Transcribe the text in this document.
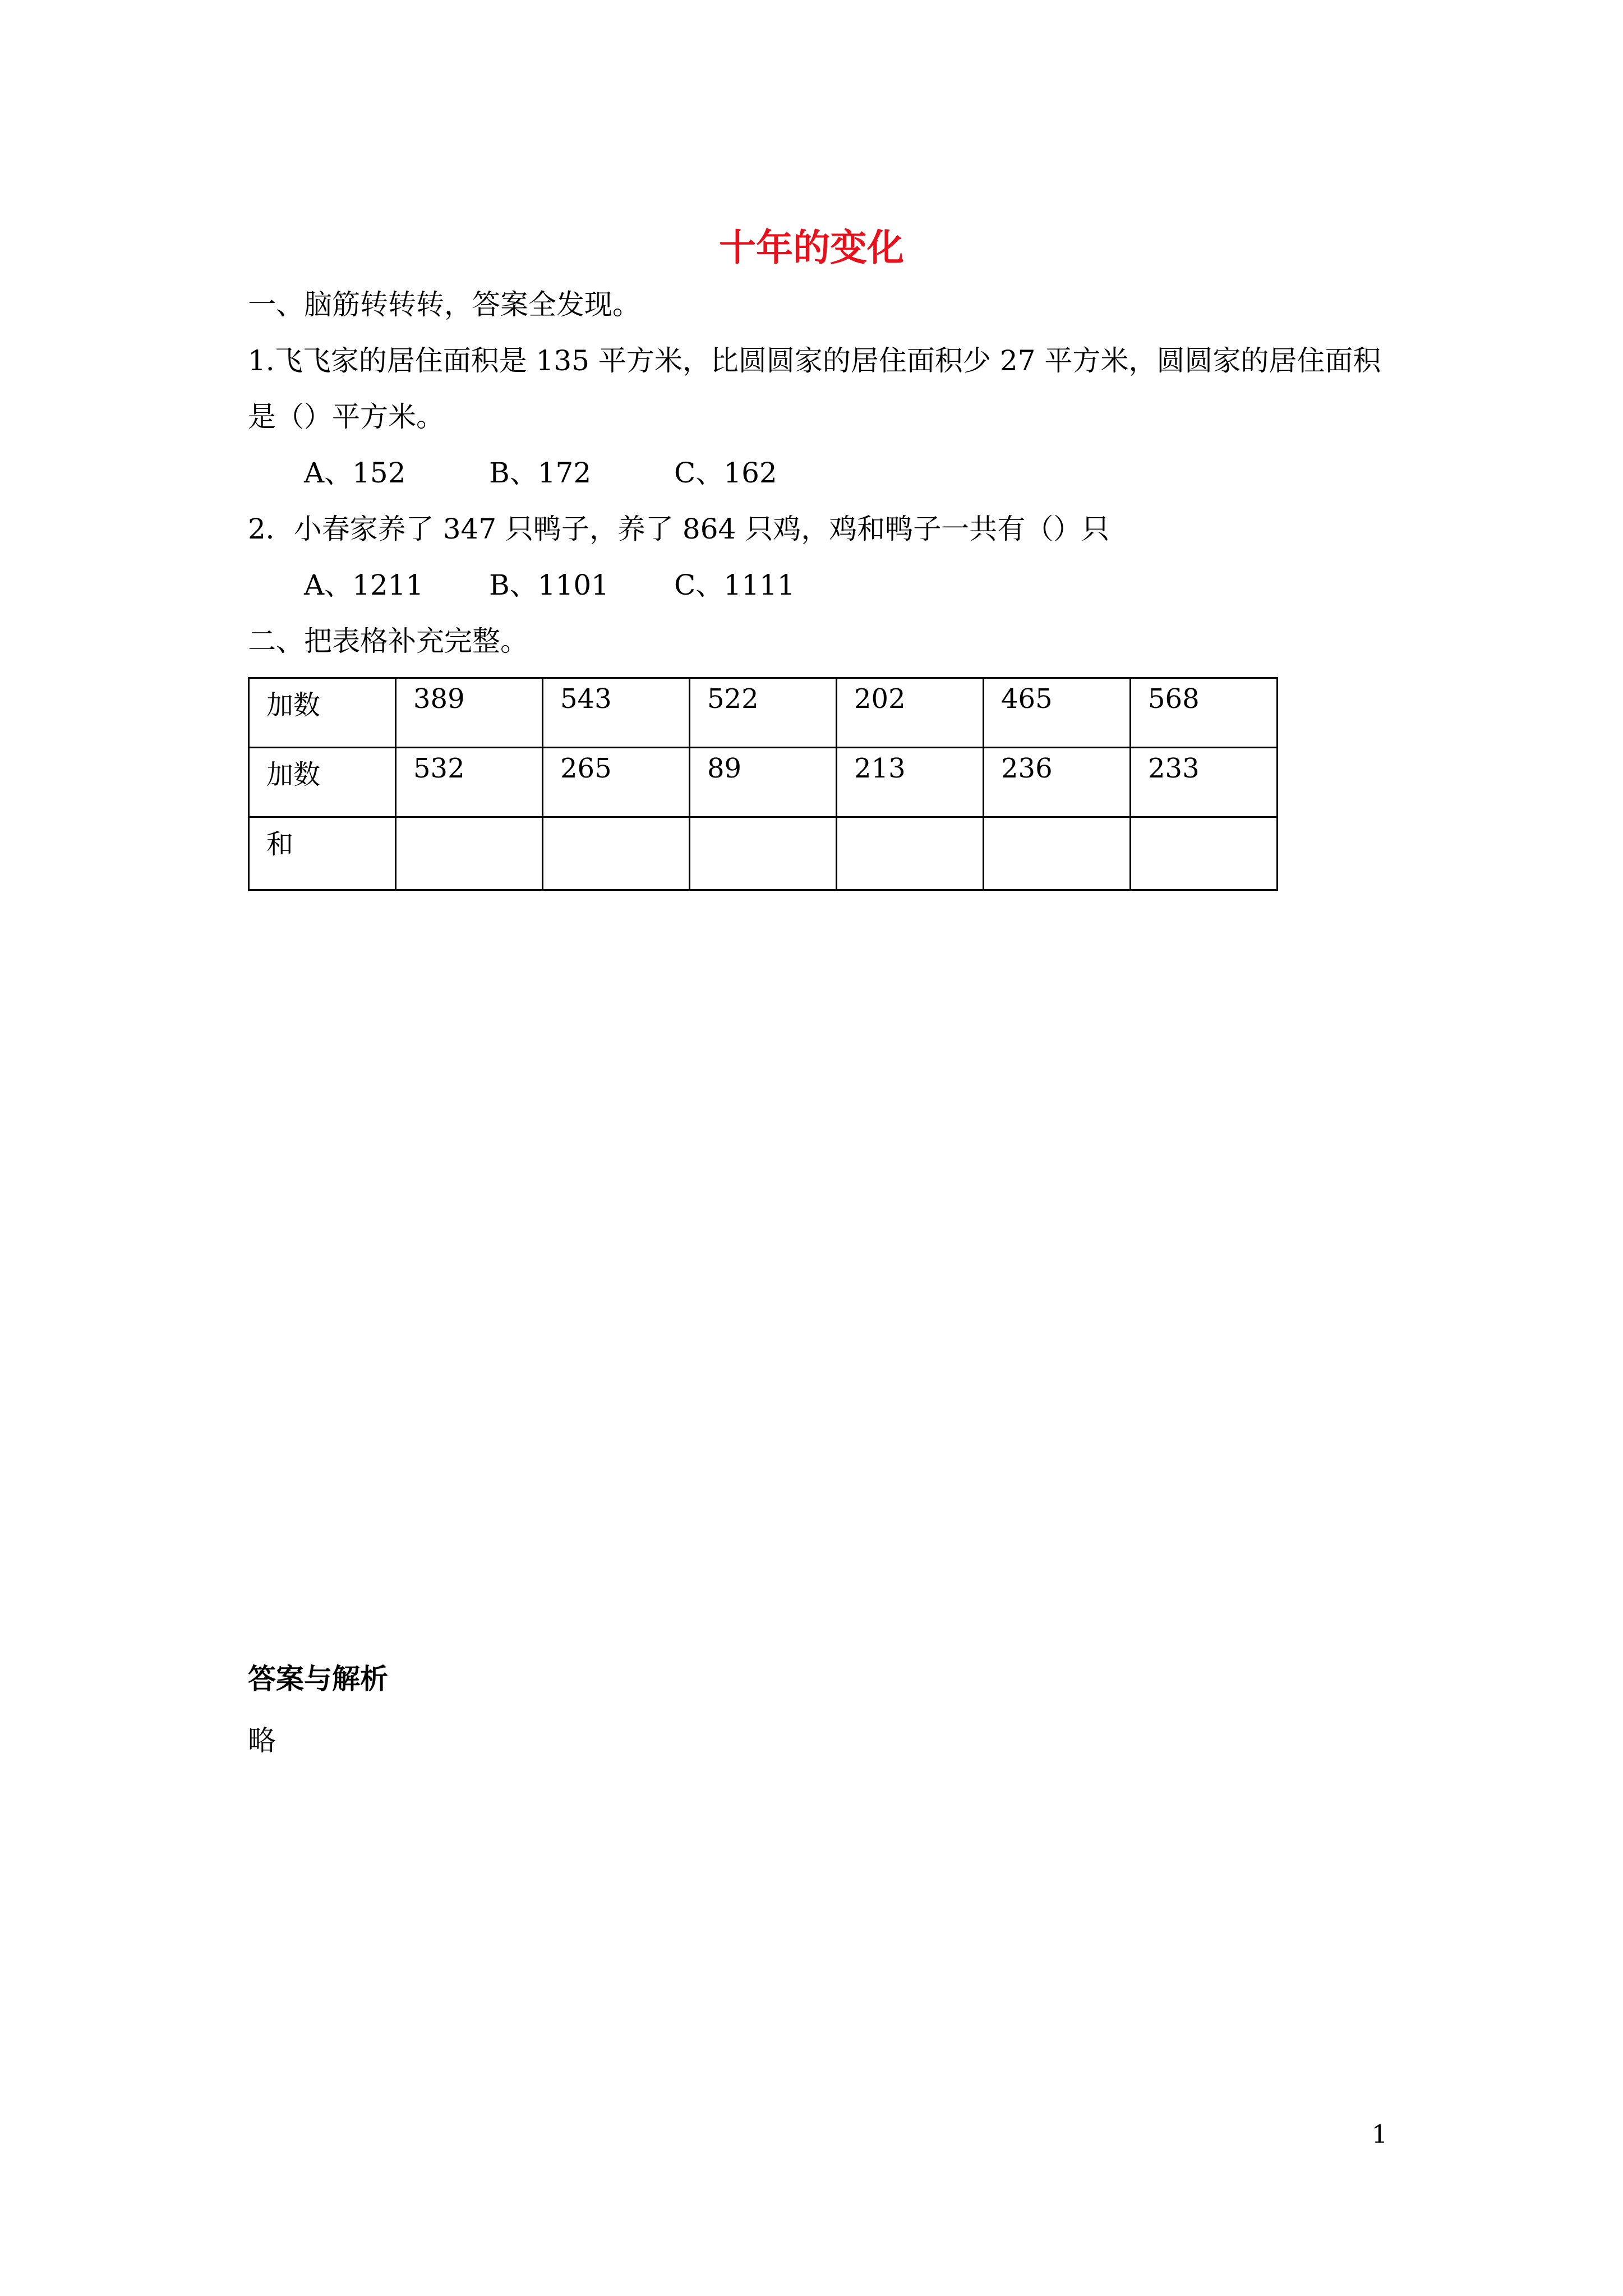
十年的变化
一、脑筋转转转，答案全发现。
1.飞飞家的居住面积是 135 平方米，比圆圆家的居住面积少 27 平方米，圆圆家的居住面积
是（）平方米。
A、152	B、172	C、162
2．小春家养了 347 只鸭子，养了 864 只鸡，鸡和鸭子一共有（）只
A、1211 B、1101 C、1111
二、把表格补充完整。
加数	389	543	522	202	465	568
加数	532	265	89	213	236	233
和						
答案与解析
略
1
